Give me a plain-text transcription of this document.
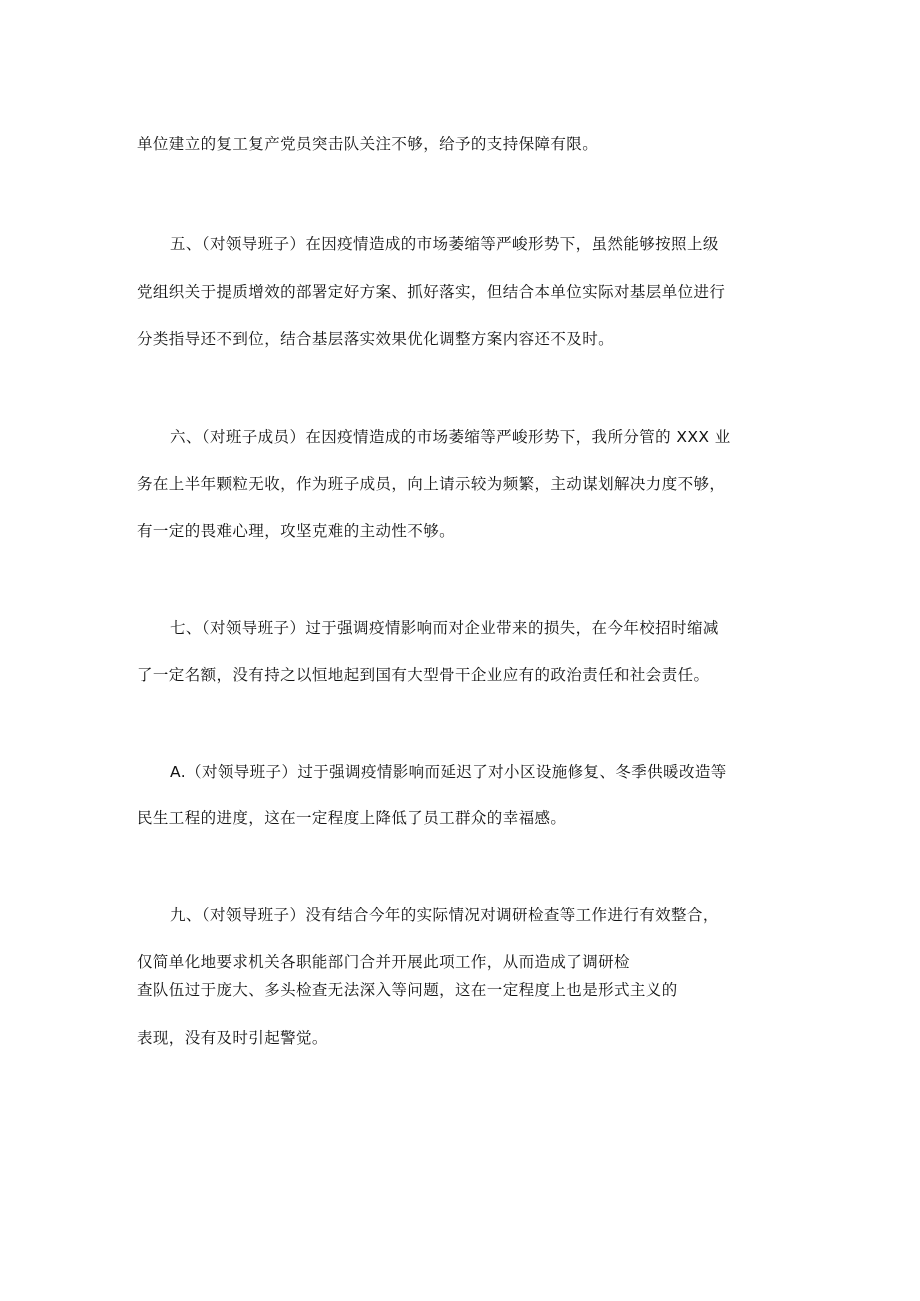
单位建立的复工复产党员突击队关注不够，给予的支持保障有限。
五、（对领导班子）在因疫情造成的市场萎缩等严峻形势下，虽然能够按照上级
党组织关于提质增效的部署定好方案、抓好落实，但结合本单位实际对基层单位进行
分类指导还不到位，结合基层落实效果优化调整方案内容还不及时。
六、（对班子成员）在因疫情造成的市场萎缩等严峻形势下，我所分管的 XXX 业
务在上半年颗粒无收，作为班子成员，向上请示较为频繁，主动谋划解决力度不够，
有一定的畏难心理，攻坚克难的主动性不够。
七、（对领导班子）过于强调疫情影响而对企业带来的损失，在今年校招时缩减
了一定名额，没有持之以恒地起到国有大型骨干企业应有的政治责任和社会责任。
A.（对领导班子）过于强调疫情影响而延迟了对小区设施修复、冬季供暖改造等
民生工程的进度，这在一定程度上降低了员工群众的幸福感。
九、（对领导班子）没有结合今年的实际情况对调研检查等工作进行有效整合，
仅简单化地要求机关各职能部门合并开展此项工作，从而造成了调研检
查队伍过于庞大、多头检查无法深入等问题，这在一定程度上也是形式主义的
表现，没有及时引起警觉。
